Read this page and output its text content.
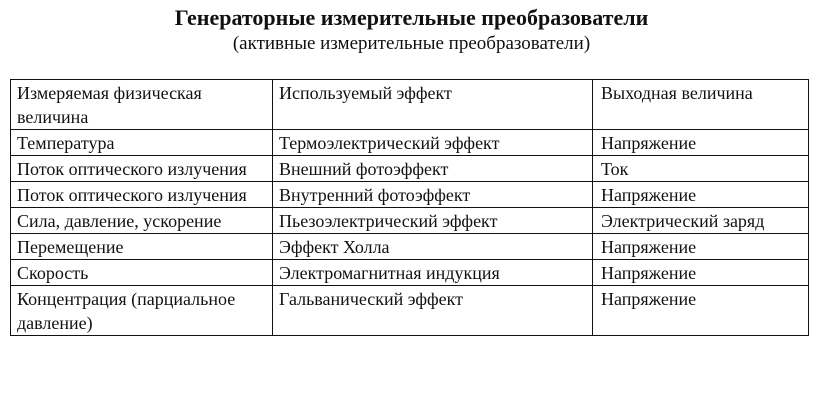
Генераторные измерительные преобразователи
(активные измерительные преобразователи)
Измеряемая физическая величина	Используемый эффект	Выходная величина
Температура	Термоэлектрический эффект	Напряжение
Поток оптического излучения	Внешний фотоэффект	Ток
Поток оптического излучения	Внутренний фотоэффект	Напряжение
Сила, давление, ускорение	Пьезоэлектрический эффект	Электрический заряд
Перемещение	Эффект Холла	Напряжение
Скорость	Электромагнитная индукция	Напряжение
Концентрация (парциальное давление)	Гальванический эффект	Напряжение
